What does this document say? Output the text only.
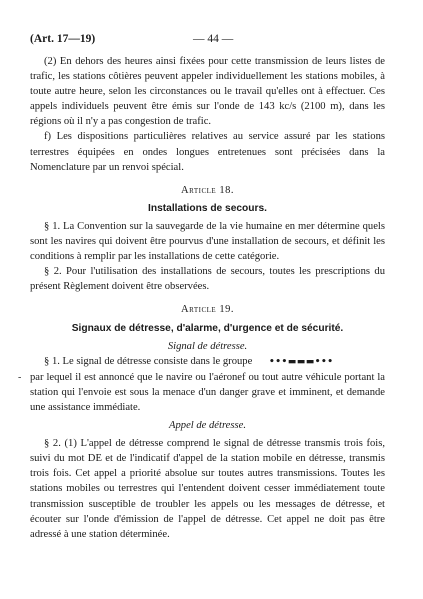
(Art. 17—19)	— 44 —

(2) En dehors des heures ainsi fixées pour cette transmission de leurs listes de trafic, les stations côtières peuvent appeler individuellement les stations mobiles, à toute autre heure, selon les circonstances ou le travail qu'elles ont à effectuer. Ces appels individuels peuvent être émis sur l'onde de 143 kc/s (2100 m), dans les régions où il n'y a pas congestion de trafic.

f) Les dispositions particulières relatives au service assuré par les stations terrestres équipées en ondes longues entretenues sont précisées dans la Nomenclature par un renvoi spécial.

Article 18.

Installations de secours.

§ 1. La Convention sur la sauvegarde de la vie humaine en mer détermine quels sont les navires qui doivent être pourvus d'une installation de secours, et définit les conditions à remplir par les installations de cette catégorie.

§ 2. Pour l'utilisation des installations de secours, toutes les prescriptions du présent Règlement doivent être observées.

Article 19.

Signaux de détresse, d'alarme, d'urgence et de sécurité.

Signal de détresse.

§ 1. Le signal de détresse consiste dans le groupe •••▬▬▬•••

- par lequel il est annoncé que le navire ou l'aéronef ou tout autre véhicule portant la station qui l'envoie est sous la menace d'un danger grave et imminent, et demande une assistance immédiate.

Appel de détresse.

§ 2. (1) L'appel de détresse comprend le signal de détresse transmis trois fois, suivi du mot DE et de l'indicatif d'appel de la station mobile en détresse, transmis trois fois. Cet appel a priorité absolue sur toutes autres transmissions. Toutes les stations mobiles ou terrestres qui l'entendent doivent cesser immédiatement toute transmission susceptible de troubler les appels ou les messages de détresse, et écouter sur l'onde d'émission de l'appel de détresse. Cet appel ne doit pas être adressé à une station déterminée.
